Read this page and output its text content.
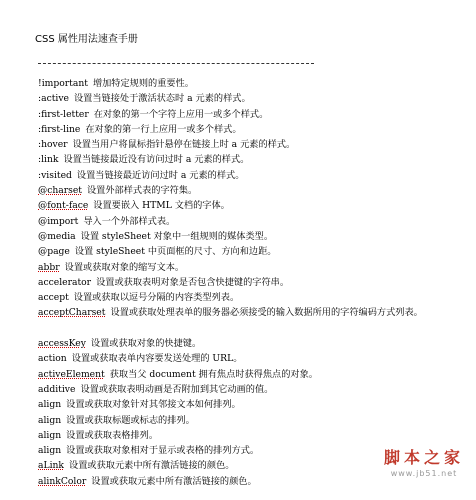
CSS 属性用法速查手册
!important 增加特定规则的重要性。
:active 设置当链接处于激活状态时 a 元素的样式。
:first-letter 在对象的第一个字符上应用一或多个样式。
:first-line 在对象的第一行上应用一或多个样式。
:hover 设置当用户将鼠标指针悬停在链接上时 a 元素的样式。
:link 设置当链接最近没有访问过时 a 元素的样式。
:visited 设置当链接最近访问过时 a 元素的样式。
@charset 设置外部样式表的字符集。
@font-face 设置要嵌入 HTML 文档的字体。
@import 导入一个外部样式表。
@media 设置 styleSheet 对象中一组规则的媒体类型。
@page 设置 styleSheet 中页面框的尺寸、方向和边距。
abbr 设置或获取对象的缩写文本。
accelerator 设置或获取表明对象是否包含快捷键的字符串。
accept 设置或获取以逗号分隔的内容类型列表。
acceptCharset 设置或获取处理表单的服务器必须接受的输入数据所用的字符编码方式列表。
accessKey 设置或获取对象的快捷键。
action 设置或获取表单内容要发送处理的 URL。
activeElement 获取当父 document 拥有焦点时获得焦点的对象。
additive 设置或获取表明动画是否附加到其它动画的值。
align 设置或获取对象针对其邻接文本如何排列。
align 设置或获取标题或标志的排列。
align 设置或获取表格排列。
align 设置或获取对象相对于显示或表格的排列方式。
aLink 设置或获取元素中所有激活链接的颜色。
alinkColor 设置或获取元素中所有激活链接的颜色。
脚本之家
www.jb51.net
